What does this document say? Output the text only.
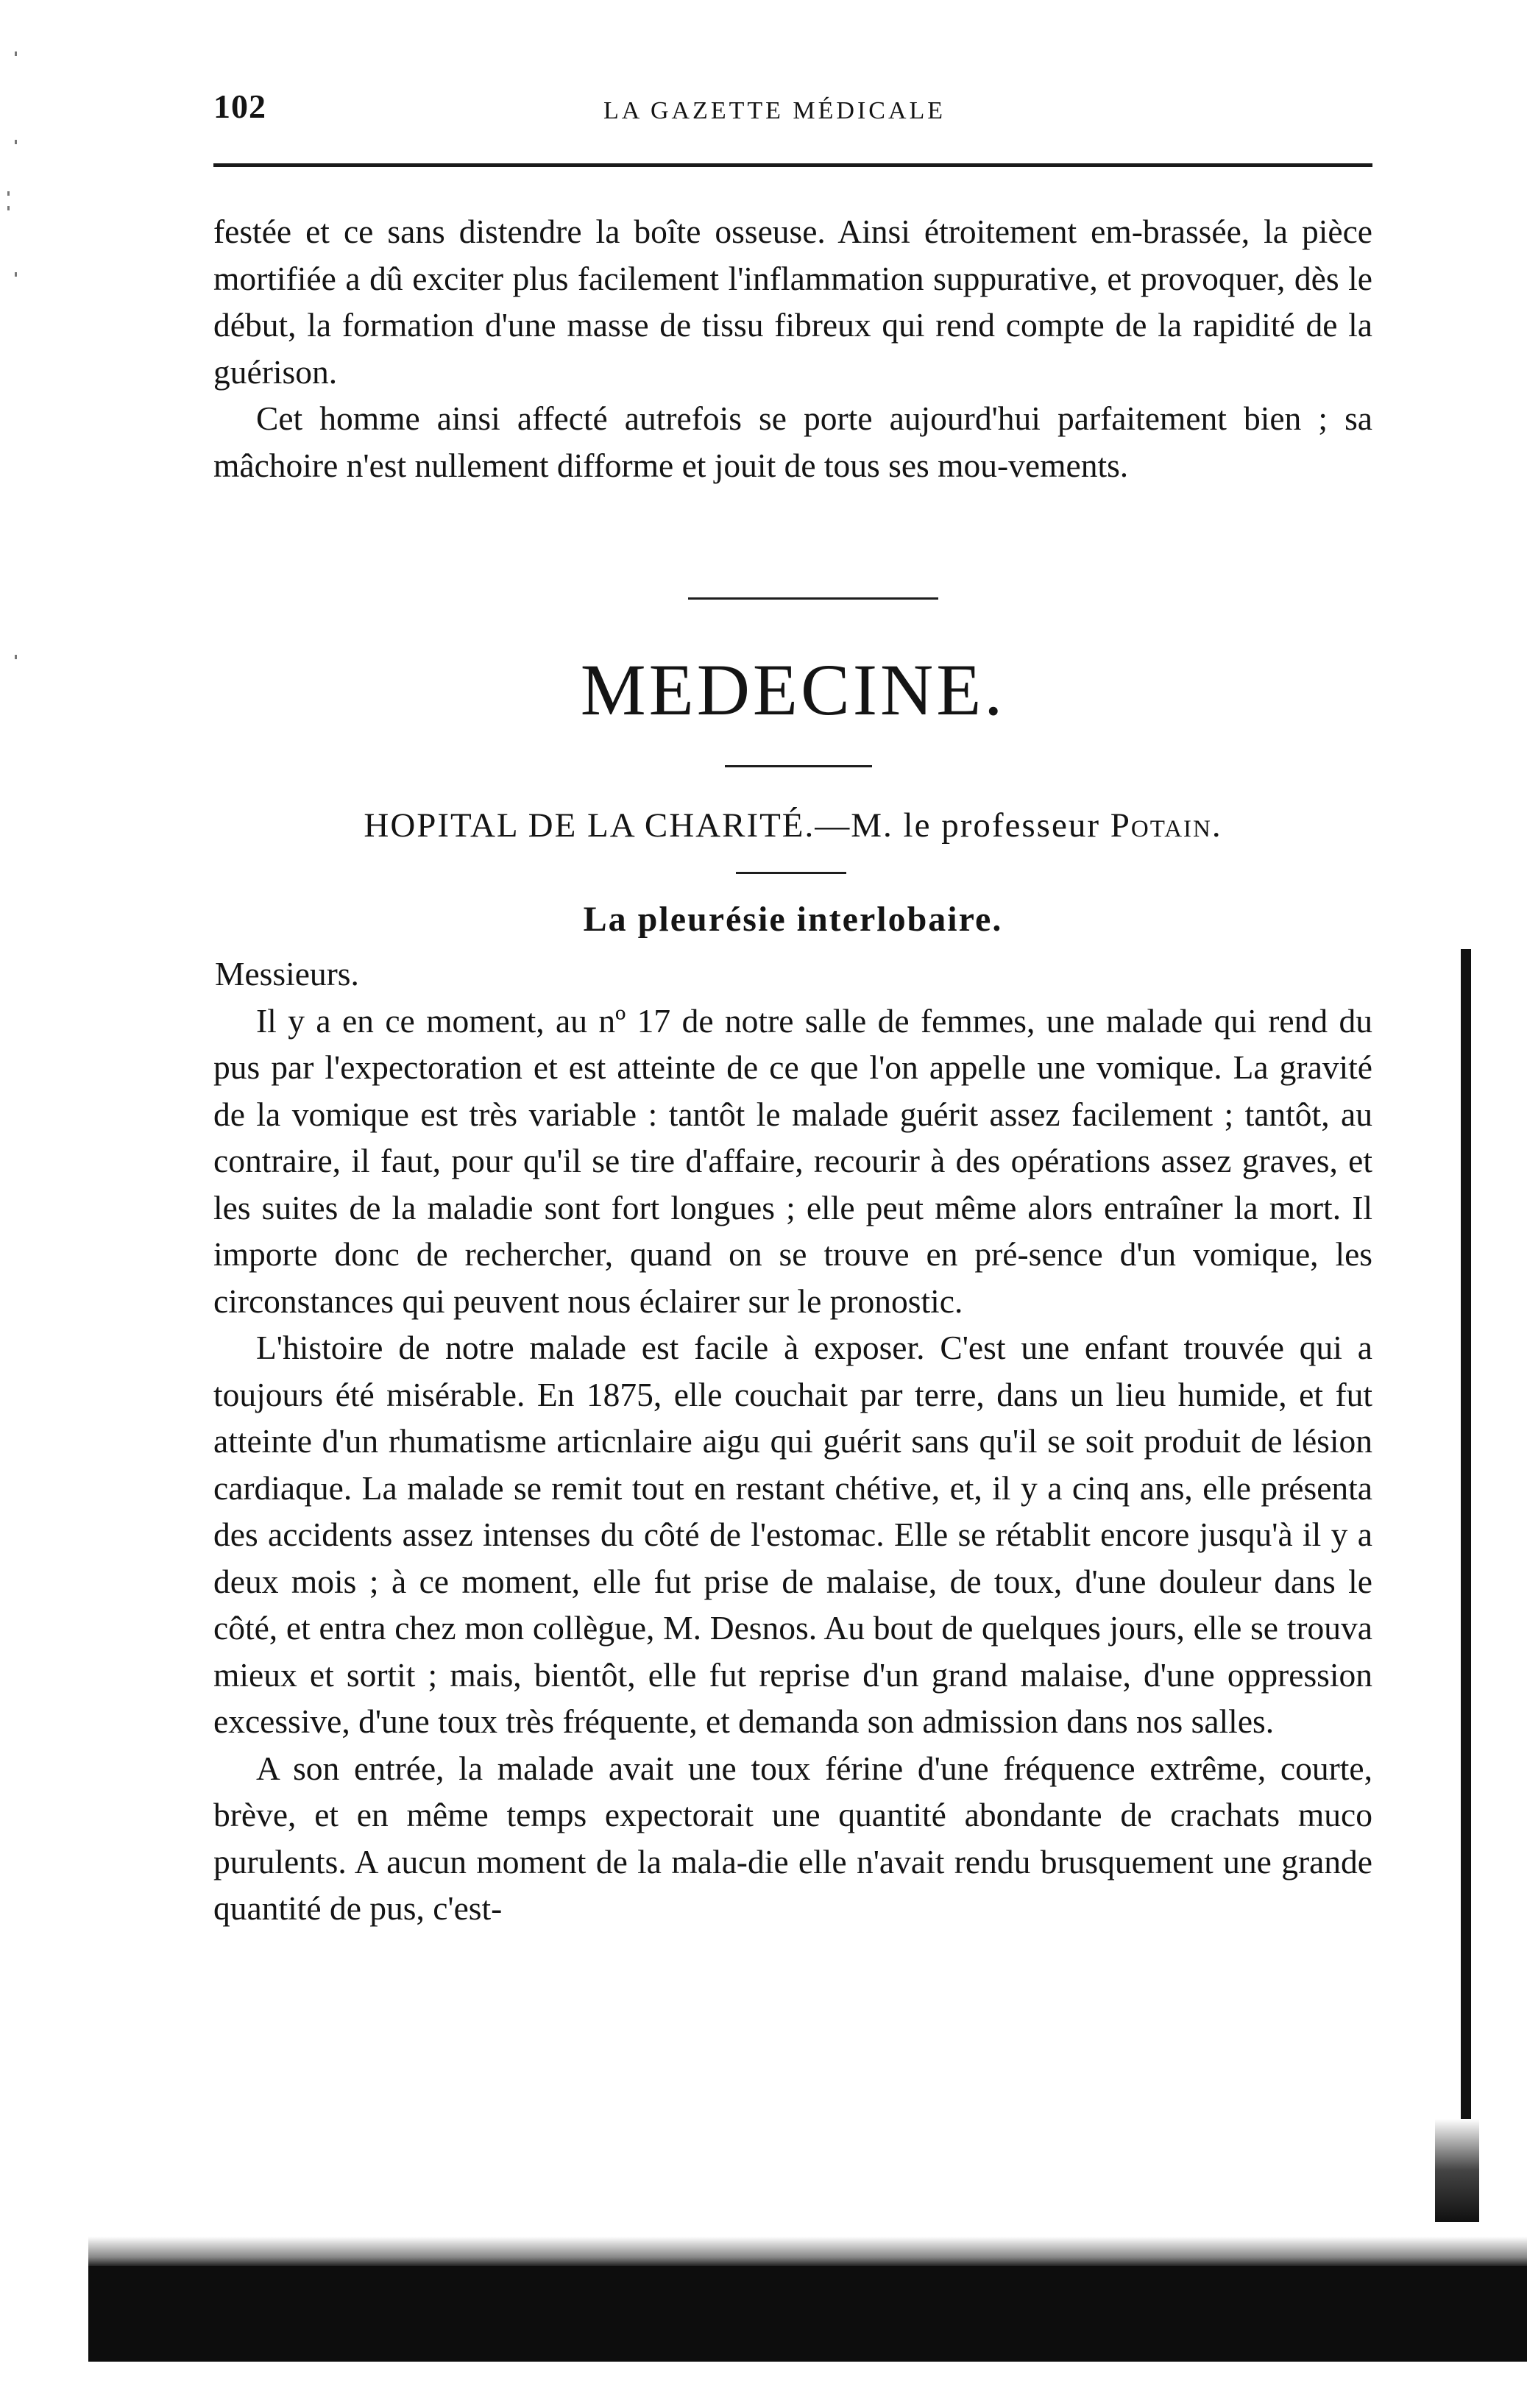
102	LA GAZETTE MÉDICALE

festée et ce sans distendre la boîte osseuse. Ainsi étroitement em-brassée, la pièce mortifiée a dû exciter plus facilement l'inflammation suppurative, et provoquer, dès le début, la formation d'une masse de tissu fibreux qui rend compte de la rapidité de la guérison.

Cet homme ainsi affecté autrefois se porte aujourd'hui parfaitement bien ; sa mâchoire n'est nullement difforme et jouit de tous ses mou-vements.

MEDECINE.
HOPITAL DE LA CHARITÉ.—M. le professeur Potain.
La pleurésie interlobaire.

Messieurs.

Il y a en ce moment, au nº 17 de notre salle de femmes, une malade qui rend du pus par l'expectoration et est atteinte de ce que l'on appelle une vomique. La gravité de la vomique est très variable : tantôt le malade guérit assez facilement ; tantôt, au contraire, il faut, pour qu'il se tire d'affaire, recourir à des opérations assez graves, et les suites de la maladie sont fort longues ; elle peut même alors entraîner la mort. Il importe donc de rechercher, quand on se trouve en pré-sence d'un vomique, les circonstances qui peuvent nous éclairer sur le pronostic.

L'histoire de notre malade est facile à exposer. C'est une enfant trouvée qui a toujours été misérable. En 1875, elle couchait par terre, dans un lieu humide, et fut atteinte d'un rhumatisme articnlaire aigu qui guérit sans qu'il se soit produit de lésion cardiaque. La malade se remit tout en restant chétive, et, il y a cinq ans, elle présenta des accidents assez intenses du côté de l'estomac. Elle se rétablit encore jusqu'à il y a deux mois ; à ce moment, elle fut prise de malaise, de toux, d'une douleur dans le côté, et entra chez mon collègue, M. Desnos. Au bout de quelques jours, elle se trouva mieux et sortit ; mais, bientôt, elle fut reprise d'un grand malaise, d'une oppression excessive, d'une toux très fréquente, et demanda son admission dans nos salles.

A son entrée, la malade avait une toux férine d'une fréquence extrême, courte, brève, et en même temps expectorait une quantité abondante de crachats muco purulents. A aucun moment de la mala-die elle n'avait rendu brusquement une grande quantité de pus, c'est-
